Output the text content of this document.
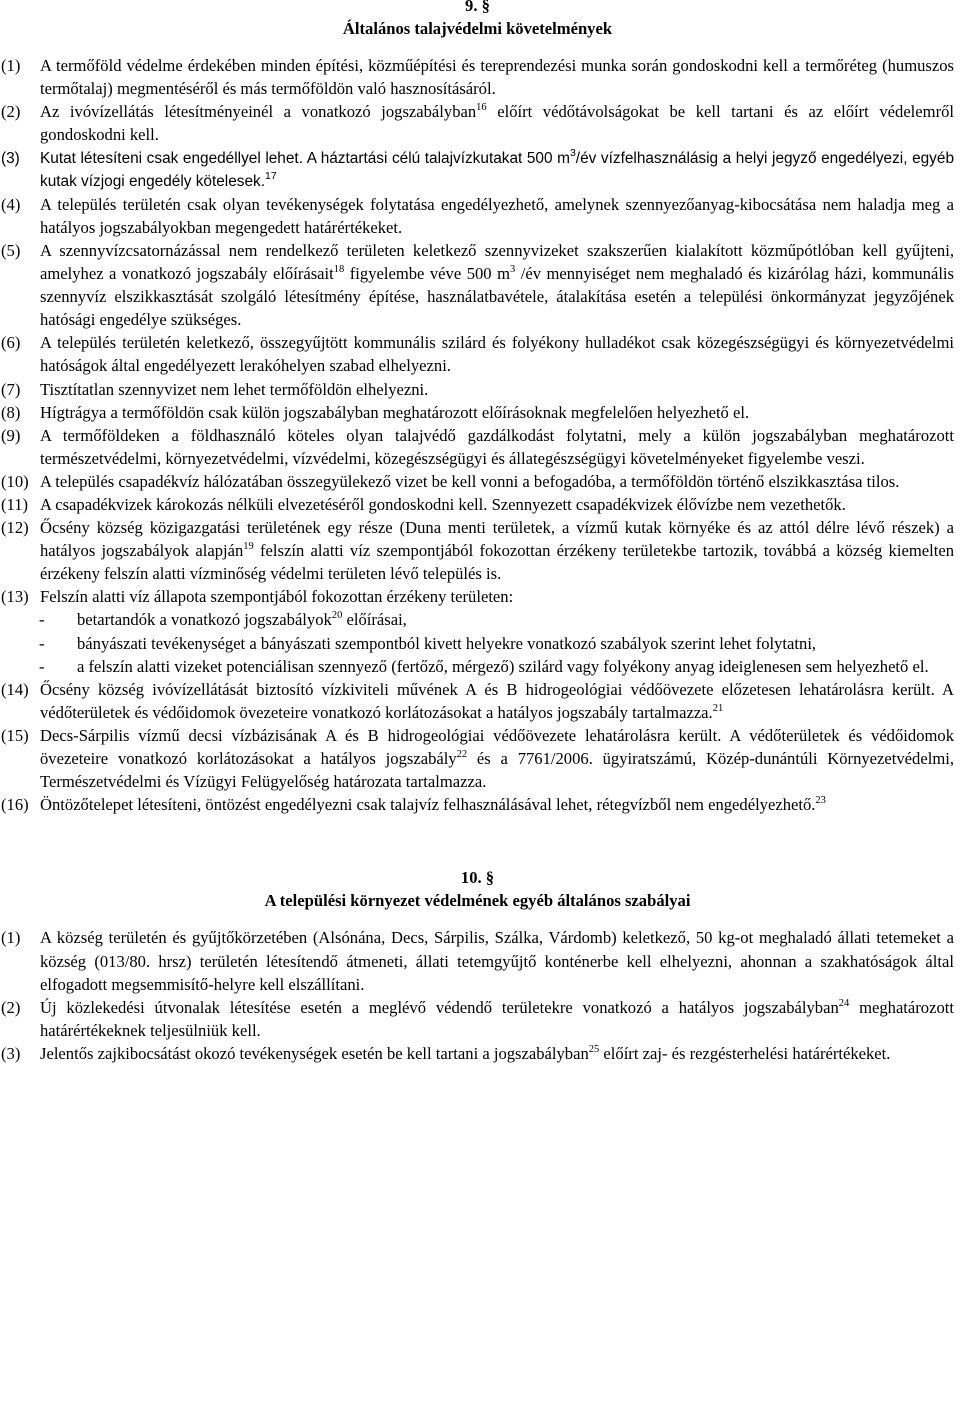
9. §

Általános talajvédelmi követelmények

(1) A termőföld védelme érdekében minden építési, közműépítési és tereprendezési munka során gondoskodni kell a termőréteg (humuszos termőtalaj) megmentéséről és más termőföldön való hasznosításáról.
(2) Az ivóvízellátás létesítményeinél a vonatkozó jogszabályban$^{16}$ előírt védőtávolságokat be kell tartani és az előírt védelemről gondoskodni kell.
(3) Kutat létesíteni csak engedéllyel lehet. A háztartási célú talajvízkutakat 500 $m^3/év$ vízfelhasználásig a helyi jegyző engedélyezi, egyéb kutak vízjogi engedély kötelesek.$^{17}$
(4) A település területén csak olyan tevékenységek folytatása engedélyezhető, amelynek szennyezőanyag-kibocsátása nem haladja meg a hatályos jogszabályokban megengedett határértékeket.
(5) A szennyvízcsatornázással nem rendelkező területen keletkező szennyvizeket szakszerűen kialakított közműpótlóban kell gyűjteni, amelyhez a vonatkozó jogszabály előírásait$^{18}$ figyelembe véve 500 $m^3$ /év mennyiséget nem meghaladó és kizárólag házi, kommunális szennyvíz elszikkasztását szolgáló létesítmény építése, használatbavétele, átalakítása esetén a települési önkormányzat jegyzőjének hatósági engedélye szükséges.
(6) A település területén keletkező, összegyűjtött kommunális szilárd és folyékony hulladékot csak közegészségügyi és környezetvédelmi hatóságok által engedélyezett lerakóhelyen szabad elhelyezni.
(7) Tisztítatlan szennyvizet nem lehet termőföldön elhelyezni.
(8) Hígtrágya a termőföldön csak külön jogszabályban meghatározott előírásoknak megfelelően helyezhető el.
(9) A termőföldeken a földhasználó köteles olyan talajvédő gazdálkodást folytatni, mely a külön jogszabályban meghatározott természetvédelmi, környezetvédelmi, vízvédelmi, közegészségügyi és állategészségügyi követelményeket figyelembe veszi.
(10) A település csapadékvíz hálózatában összegyülekező vizet be kell vonni a befogadóba, a termőföldön történő elszikkasztása tilos.
(11) A csapadékvizek károkozás nélküli elvezetéséről gondoskodni kell. Szennyezett csapadékvizek élővízbe nem vezethetők.
(12) Őcsény község közigazgatási területének egy része (Duna menti területek, a vízmű kutak környéke és az attól délre lévő részek) a hatályos jogszabályok alapján$^{19}$ felszín alatti víz szempontjából fokozottan érzékeny területekbe tartozik, továbbá a község kiemelten érzékeny felszín alatti vízminőség védelmi területen lévő település is.
(13) Felszín alatti víz állapota szempontjából fokozottan érzékeny területen:
- betartandók a vonatkozó jogszabályok$^{20}$ előírásai,
- bányászati tevékenységet a bányászati szempontból kivett helyekre vonatkozó szabályok szerint lehet folytatni,
- a felszín alatti vizeket potenciálisan szennyező (fertőző, mérgező) szilárd vagy folyékony anyag ideiglenesen sem helyezhető el.
(14) Őcsény község ivóvízellátását biztosító vízkiviteli művének A és B hidrogeológiai védőövezete előzetesen lehatárolásra került. A védőterületek és védőidomok övezeteire vonatkozó korlátozásokat a hatályos jogszabály tartalmazza.$^{21}$
(15) Decs-Sárpilis vízmű decsi vízbázisának A és B hidrogeológiai védőövezete lehatárolásra került. A védőterületek és védőidomok övezeteire vonatkozó korlátozásokat a hatályos jogszabály$^{22}$ és a 7761/2006. ügyiratszámú, Közép-dunántúli Környezetvédelmi, Természetvédelmi és Vízügyi Felügyelőség határozata tartalmazza.
(16) Öntözőtelepet létesíteni, öntözést engedélyezni csak talajvíz felhasználásával lehet, rétegvízből nem engedélyezhető.$^{23}$

10. §

A települési környezet védelmének egyéb általános szabályai

(1) A község területén és gyűjtőkörzetében (Alsónána, Decs, Sárpilis, Szálka, Várdomb) keletkező, 50 kg-ot meghaladó állati tetemeket a község (013/80. hrsz) területén létesítendő átmeneti, állati tetemgyűjtő konténerbe kell elhelyezni, ahonnan a szakhatóságok által elfogadott megsemmisítő-helyre kell elszállítani.
(2) Új közlekedési útvonalak létesítése esetén a meglévő védendő területekre vonatkozó a hatályos jogszabályban$^{24}$ meghatározott határértékeknek teljesülniük kell.
(3) Jelentős zajkibocsátást okozó tevékenységek esetén be kell tartani a jogszabályban$^{25}$ előírt zaj- és rezgésterhelési határértékeket.
